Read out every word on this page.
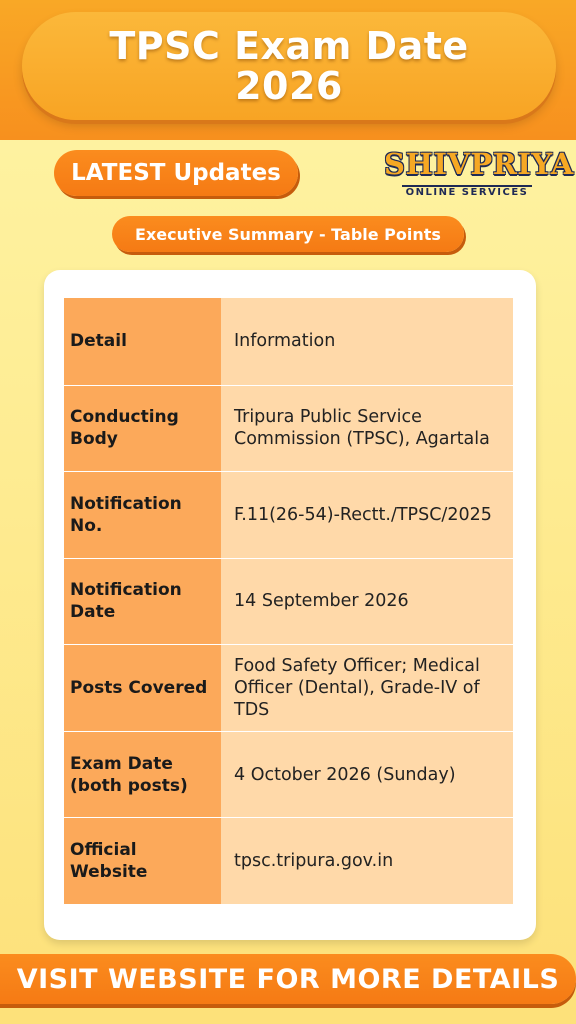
TPSC Exam Date
2026
LATEST Updates	SHIVPRIYA
ONLINE SERVICES
Executive Summary - Table Points
Detail	Information
Conducting Body
Tripura Public Service Commission (TPSC), Agartala
Notification No.
F.11(26-54)-Rectt./TPSC/2025
Notification Date
14 September 2026
Posts Covered
Food Safety Officer; Medical Officer (Dental), Grade-IV of TDS
Exam Date (both posts)
4 October 2026 (Sunday)
Official Website
tpsc.tripura.gov.in
VISIT WEBSITE FOR MORE DETAILS
